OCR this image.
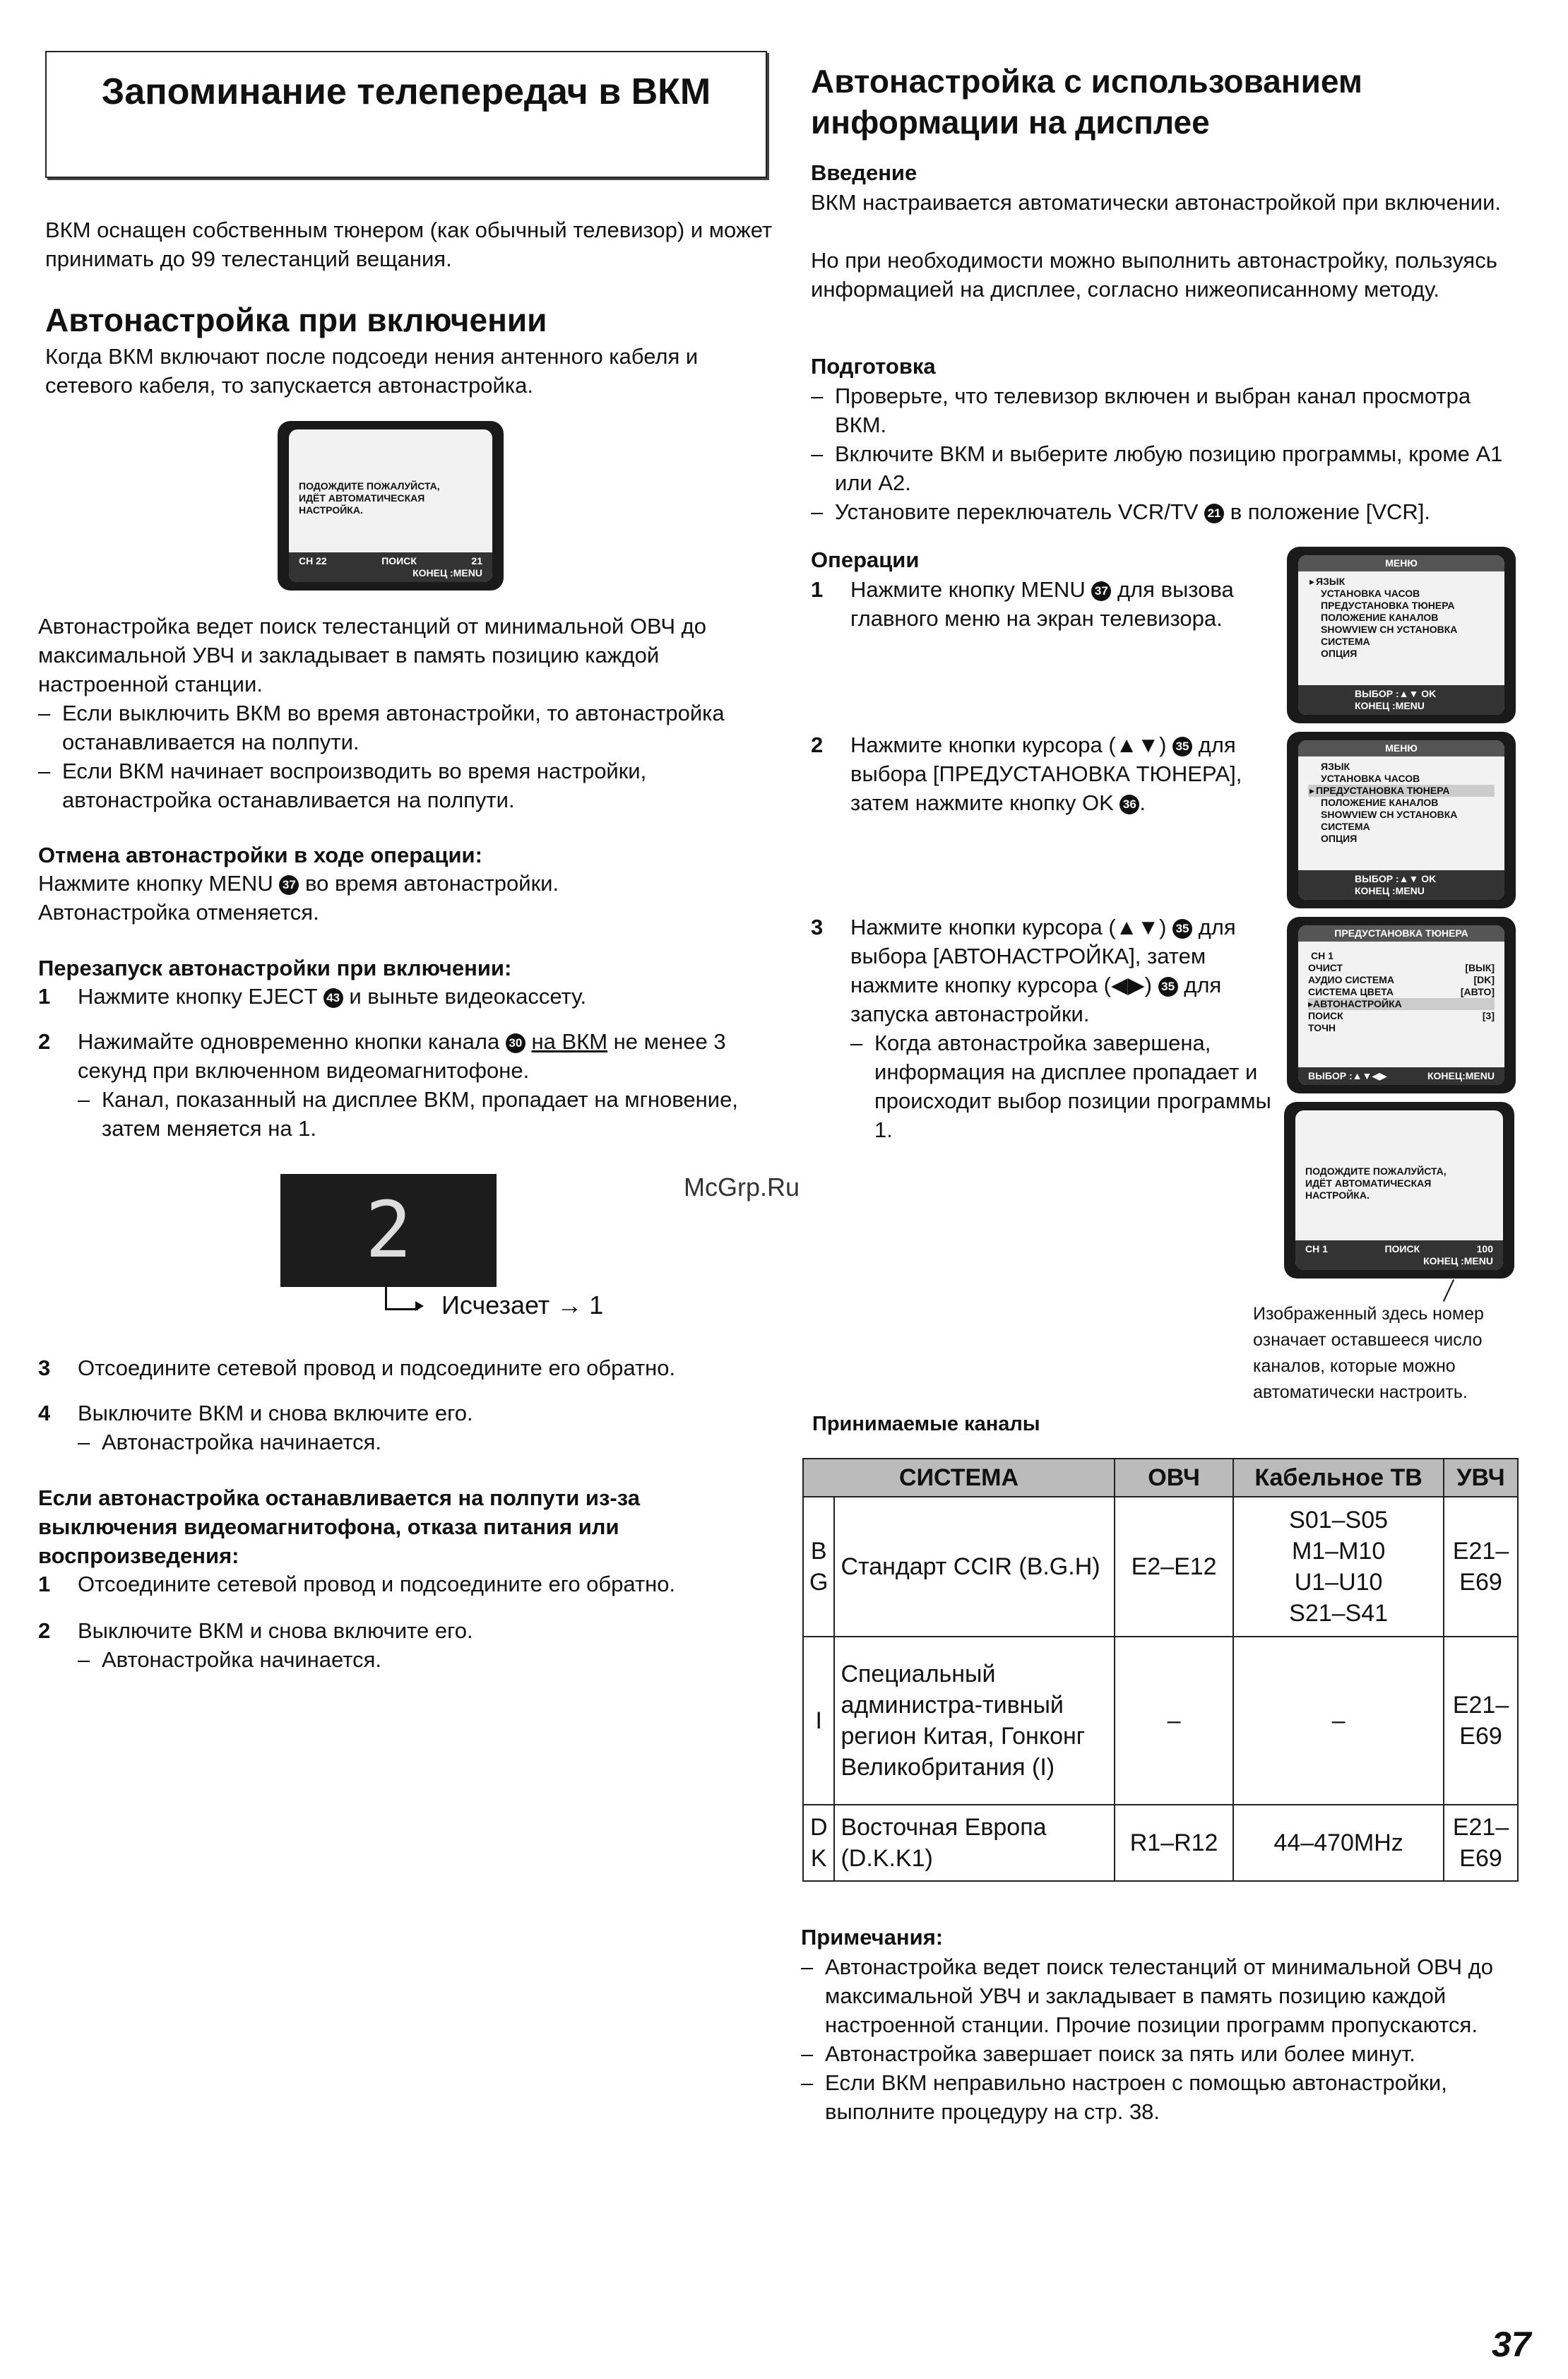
Запоминание телепередач в ВКМ

ВКМ оснащен собственным тюнером (как обычный телевизор) и может принимать до 99 телестанций вещания.

Автонастройка при включении

Когда ВКМ включают после подсоеди нения антенного кабеля и сетевого кабеля, то запускается автонастройка.

ПОДОЖДИТЕ ПОЖАЛУЙСТА,
ИДЁТ АВТОМАТИЧЕСКАЯ
НАСТРОЙКА.
CH 22	ПОИСК	21
КОНЕЦ :MENU

Автонастройка ведет поиск телестанций от минимальной ОВЧ до максимальной УВЧ и закладывает в память позицию каждой настроенной станции.

– Если выключить ВКМ во время автонастройки, то автонастройка останавливается на полпути.
– Если ВКМ начинает воспроизводить во время настройки, автонастройка останавливается на полпути.

Отмена автонастройки в ходе операции:

Нажмите кнопку MENU 37 во время автонастройки.
Автонастройка отменяется.

Перезапуск автонастройки при включении:

1	Нажмите кнопку EJECT 43 и выньте видеокассету.
2	Нажимайте одновременно кнопки канала 30 на ВКМ не менее 3 секунд при включенном видеомагнитофоне.
– Канал, показанный на дисплее ВКМ, пропадает на мгновение, затем меняется на 1.
2

Исчезает → 1

3	Отсоедините сетевой провод и подсоедините его обратно.
4	Выключите ВКМ и снова включите его.
– Автонастройка начинается.

Если автонастройка останавливается на полпути из-за выключения видеомагнитофона, отказа питания или воспроизведения:

1	Отсоедините сетевой провод и подсоедините его обратно.
2	Выключите ВКМ и снова включите его.
– Автонастройка начинается.

Автонастройка с использованием информации на дисплее

Введение

ВКМ настраивается автоматически автонастройкой при включении.

Но при необходимости можно выполнить автонастройку, пользуясь информацией на дисплее, согласно нижеописанному методу.

Подготовка

– Проверьте, что телевизор включен и выбран канал просмотра ВКМ.
– Включите ВКМ и выберите любую позицию программы, кроме A1 или A2.
– Установите переключатель VCR/TV 21 в положение [VCR].

Операции

1	Нажмите кнопку MENU 37 для вызова главного меню на экран телевизора.
2	Нажмите кнопки курсора (▲▼) 35 для выбора [ПРЕДУСТАНОВКА ТЮНЕРА], затем нажмите кнопку OK 36 .
3	Нажмите кнопки курсора (▲▼) 35 для выбора [АВТОНАСТРОЙКА], затем нажмите кнопку курсора (◀▶) 35 для запуска автонастройки.
– Когда автонастройка завершена, информация на дисплее пропадает и происходит выбор позиции программы 1.
МЕНЮ
▸ ЯЗЫК
УСТАНОВКА ЧАСОВ
ПРЕДУСТАНОВКА ТЮНЕРА
ПОЛОЖЕНИЕ КАНАЛОВ
SHOWVIEW CH УСТАНОВКА
СИСТЕМА
ОПЦИЯ
ВЫБОР :▲▼ OK
КОНЕЦ :MENU
МЕНЮ
ЯЗЫК
УСТАНОВКА ЧАСОВ
▸ ПРЕДУСТАНОВКА ТЮНЕРА
ПОЛОЖЕНИЕ КАНАЛОВ
SHOWVIEW CH УСТАНОВКА
СИСТЕМА
ОПЦИЯ
ВЫБОР :▲▼ OK
КОНЕЦ :MENU
ПРЕДУСТАНОВКА ТЮНЕРА
CH 1
ОЧИСТ	[ВЫК]
АУДИО СИСТЕМА	[DK]
СИСТЕМА ЦВЕТА	[АВТО]
▸АВТОНАСТРОЙКА
ПОИСК	[3]
ТОЧН
ВЫБОР :▲▼◀▶	КОНЕЦ:MENU
ПОДОЖДИТЕ ПОЖАЛУЙСТА,
ИДЁТ АВТОМАТИЧЕСКАЯ
НАСТРОЙКА.
CH 1	ПОИСК	100
КОНЕЦ :MENU

Изображенный здесь номер означает оставшееся число каналов, которые можно автоматически настроить.

McGrp.Ru

Принимаемые каналы

СИСТЕМА		ОВЧ	Кабельное ТВ	УВЧ
B G	Стандарт CCIR (B.G.H)	E2–E12	S01–S05 M1–M10 U1–U10 S21–S41	E21–E69
I	Специальный администра-тивный регион Китая, Гонконг Великобритания (I)	–	–	E21–E69
D K	Восточная Европа (D.K.K1)	R1–R12	44–470MHz	E21–E69

Примечания:

– Автонастройка ведет поиск телестанций от минимальной ОВЧ до максимальной УВЧ и закладывает в память позицию каждой настроенной станции. Прочие позиции программ пропускаются.
– Автонастройка завершает поиск за пять или более минут.
– Если ВКМ неправильно настроен с помощью автонастройки, выполните процедуру на стр. 38.

37
